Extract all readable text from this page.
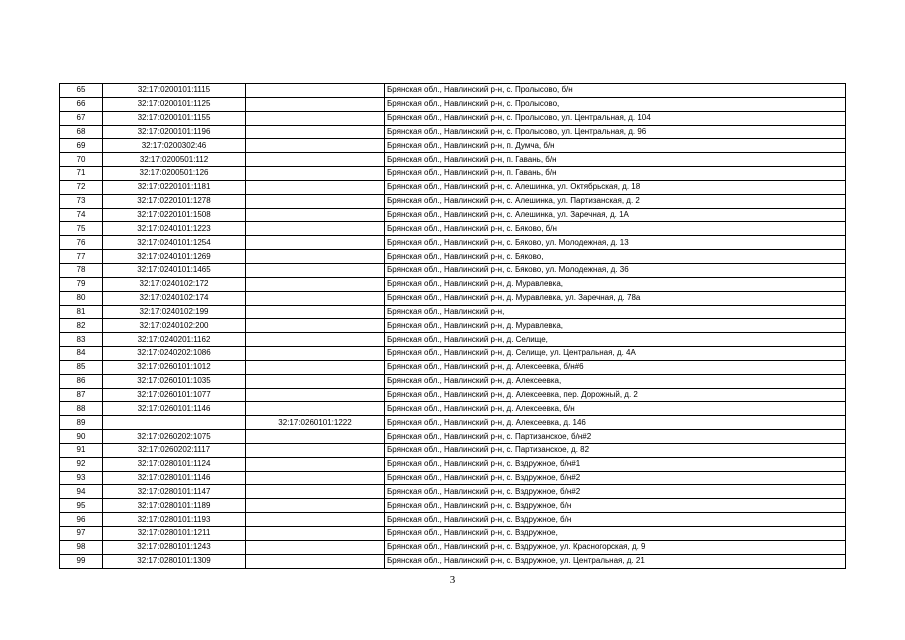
65	32:17:0200101:1115		Брянская обл., Навлинский р-н, с. Пролысово, б/н
66	32:17:0200101:1125		Брянская обл., Навлинский р-н, с. Пролысово,
67	32:17:0200101:1155		Брянская обл., Навлинский р-н, с. Пролысово, ул. Центральная, д. 104
68	32:17:0200101:1196		Брянская обл., Навлинский р-н, с. Пролысово, ул. Центральная, д. 96
69	32:17:0200302:46		Брянская обл., Навлинский р-н, п. Думча, б/н
70	32:17:0200501:112		Брянская обл., Навлинский р-н, п. Гавань, б/н
71	32:17:0200501:126		Брянская обл., Навлинский р-н, п. Гавань, б/н
72	32:17:0220101:1181		Брянская обл., Навлинский р-н, с. Алешинка, ул. Октябрьская, д. 18
73	32:17:0220101:1278		Брянская обл., Навлинский р-н, с. Алешинка, ул. Партизанская, д. 2
74	32:17:0220101:1508		Брянская обл., Навлинский р-н, с. Алешинка, ул. Заречная, д. 1А
75	32:17:0240101:1223		Брянская обл., Навлинский р-н, с. Бяково, б/н
76	32:17:0240101:1254		Брянская обл., Навлинский р-н, с. Бяково, ул. Молодежная, д. 13
77	32:17:0240101:1269		Брянская обл., Навлинский р-н, с. Бяково,
78	32:17:0240101:1465		Брянская обл., Навлинский р-н, с. Бяково, ул. Молодежная, д. 36
79	32:17:0240102:172		Брянская обл., Навлинский р-н, д. Муравлевка,
80	32:17:0240102:174		Брянская обл., Навлинский р-н, д. Муравлевка, ул. Заречная, д. 78а
81	32:17:0240102:199		Брянская обл., Навлинский р-н,
82	32:17:0240102:200		Брянская обл., Навлинский р-н, д. Муравлевка,
83	32:17:0240201:1162		Брянская обл., Навлинский р-н, д. Селище,
84	32:17:0240202:1086		Брянская обл., Навлинский р-н, д. Селище, ул. Центральная, д. 4А
85	32:17:0260101:1012		Брянская обл., Навлинский р-н, д. Алексеевка, б/н#6
86	32:17:0260101:1035		Брянская обл., Навлинский р-н, д. Алексеевка,
87	32:17:0260101:1077		Брянская обл., Навлинский р-н, д. Алексеевка, пер. Дорожный, д. 2
88	32:17:0260101:1146		Брянская обл., Навлинский р-н, д. Алексеевка, б/н
89		32:17:0260101:1222	Брянская обл., Навлинский р-н, д. Алексеевка, д. 146
90	32:17:0260202:1075		Брянская обл., Навлинский р-н, с. Партизанское, б/н#2
91	32:17:0260202:1117		Брянская обл., Навлинский р-н, с. Партизанское, д. 82
92	32:17:0280101:1124		Брянская обл., Навлинский р-н, с. Вздружное, б/н#1
93	32:17:0280101:1146		Брянская обл., Навлинский р-н, с. Вздружное, б/н#2
94	32:17:0280101:1147		Брянская обл., Навлинский р-н, с. Вздружное, б/н#2
95	32:17:0280101:1189		Брянская обл., Навлинский р-н, с. Вздружное, б/н
96	32:17:0280101:1193		Брянская обл., Навлинский р-н, с. Вздружное, б/н
97	32:17:0280101:1211		Брянская обл., Навлинский р-н, с. Вздружное,
98	32:17:0280101:1243		Брянская обл., Навлинский р-н, с. Вздружное, ул. Красногорская, д. 9
99	32:17:0280101:1309		Брянская обл., Навлинский р-н, с. Вздружное, ул. Центральная, д. 21
3
